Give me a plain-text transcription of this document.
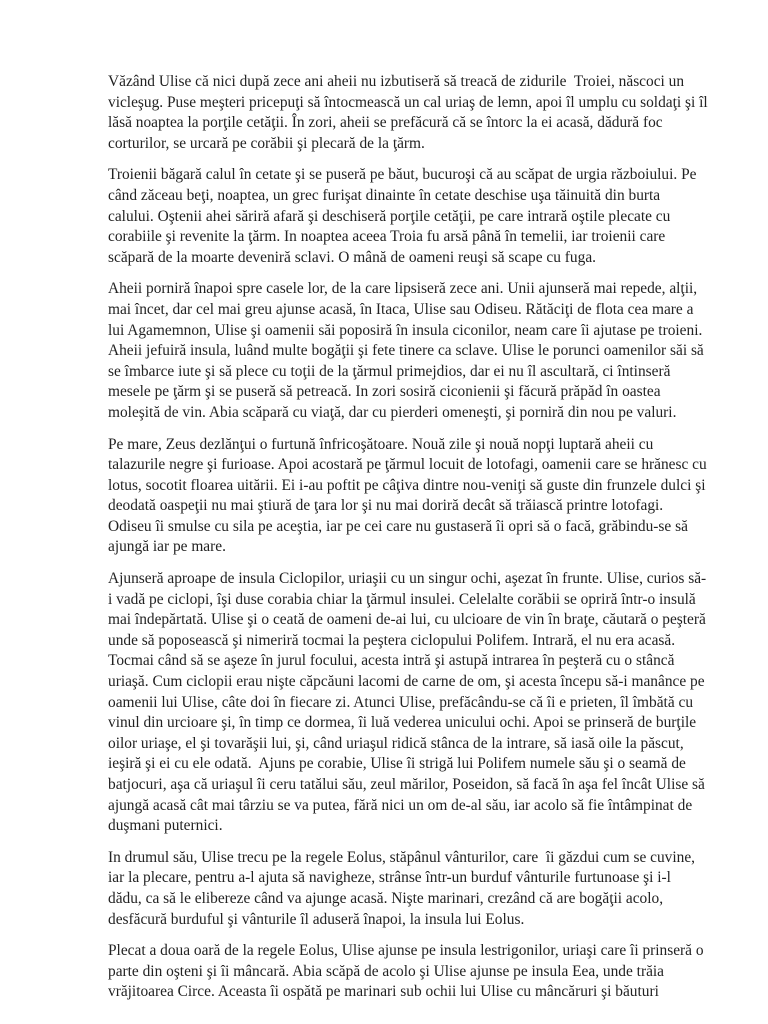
Văzând Ulise că nici după zece ani aheii nu izbutiseră să treacă de zidurile  Troiei, născoci un
vicleşug. Puse meşteri pricepuţi să întocmească un cal uriaş de lemn, apoi îl umplu cu soldaţi şi îl
lăsă noaptea la porţile cetăţii. În zori, aheii se prefăcură că se întorc la ei acasă, dădură foc
corturilor, se urcară pe corăbii şi plecară de la ţărm.
Troienii băgară calul în cetate şi se puseră pe băut, bucuroşi că au scăpat de urgia războiului. Pe
când zăceau beţi, noaptea, un grec furişat dinainte în cetate deschise uşa tăinuită din burta
calului. Oştenii ahei săriră afară şi deschiseră porţile cetăţii, pe care intrară oştile plecate cu
corabiile şi revenite la ţărm. In noaptea aceea Troia fu arsă până în temelii, iar troienii care
scăpară de la moarte deveniră sclavi. O mână de oameni reuşi să scape cu fuga.
Aheii porniră înapoi spre casele lor, de la care lipsiseră zece ani. Unii ajunseră mai repede, alţii,
mai încet, dar cel mai greu ajunse acasă, în Itaca, Ulise sau Odiseu. Rătăciţi de flota cea mare a
lui Agamemnon, Ulise şi oamenii săi poposiră în insula ciconilor, neam care îi ajutase pe troieni.
Aheii jefuiră insula, luând multe bogăţii şi fete tinere ca sclave. Ulise le porunci oamenilor săi să
se îmbarce iute şi să plece cu toţii de la ţărmul primejdios, dar ei nu îl ascultară, ci întinseră
mesele pe ţărm şi se puseră să petreacă. In zori sosiră ciconienii şi făcură prăpăd în oastea
moleşită de vin. Abia scăpară cu viaţă, dar cu pierderi omeneşti, şi porniră din nou pe valuri.
Pe mare, Zeus dezlănţui o furtună înfricoşătoare. Nouă zile şi nouă nopţi luptară aheii cu
talazurile negre şi furioase. Apoi acostară pe ţărmul locuit de lotofagi, oamenii care se hrănesc cu
lotus, socotit floarea uitării. Ei i-au poftit pe câţiva dintre nou-veniţi să guste din frunzele dulci şi
deodată oaspeţii nu mai ştiură de ţara lor şi nu mai doriră decât să trăiască printre lotofagi.
Odiseu îi smulse cu sila pe aceştia, iar pe cei care nu gustaseră îi opri să o facă, grăbindu-se să
ajungă iar pe mare.
Ajunseră aproape de insula Ciclopilor, uriaşii cu un singur ochi, aşezat în frunte. Ulise, curios să-
i vadă pe ciclopi, îşi duse corabia chiar la ţărmul insulei. Celelalte corăbii se opriră într-o insulă
mai îndepărtată. Ulise şi o ceată de oameni de-ai lui, cu ulcioare de vin în braţe, căutară o peşteră
unde să poposească şi nimeriră tocmai la peştera ciclopului Polifem. Intrară, el nu era acasă.
Tocmai când să se aşeze în jurul focului, acesta intră şi astupă intrarea în peşteră cu o stâncă
uriaşă. Cum ciclopii erau nişte căpcăuni lacomi de carne de om, şi acesta începu să-i manânce pe
oamenii lui Ulise, câte doi în fiecare zi. Atunci Ulise, prefăcându-se că îi e prieten, îl îmbătă cu
vinul din urcioare şi, în timp ce dormea, îi luă vederea unicului ochi. Apoi se prinseră de burţile
oilor uriaşe, el şi tovarăşii lui, şi, când uriaşul ridică stânca de la intrare, să iasă oile la păscut,
ieşiră şi ei cu ele odată.  Ajuns pe corabie, Ulise îi strigă lui Polifem numele său şi o seamă de
batjocuri, aşa că uriaşul îi ceru tatălui său, zeul mărilor, Poseidon, să facă în aşa fel încât Ulise să
ajungă acasă cât mai târziu se va putea, fără nici un om de-al său, iar acolo să fie întâmpinat de
duşmani puternici.
In drumul său, Ulise trecu pe la regele Eolus, stăpânul vânturilor, care  îi găzdui cum se cuvine,
iar la plecare, pentru a-l ajuta să navigheze, strânse într-un burduf vânturile furtunoase şi i-l
dădu, ca să le elibereze când va ajunge acasă. Nişte marinari, crezând că are bogăţii acolo,
desfăcură burduful şi vânturile îl aduseră înapoi, la insula lui Eolus.
Plecat a doua oară de la regele Eolus, Ulise ajunse pe insula lestrigonilor, uriaşi care îi prinseră o
parte din oşteni şi îi mâncară. Abia scăpă de acolo şi Ulise ajunse pe insula Eea, unde trăia
vrăjitoarea Circe. Aceasta îi ospătă pe marinari sub ochii lui Ulise cu mâncăruri şi băuturi
